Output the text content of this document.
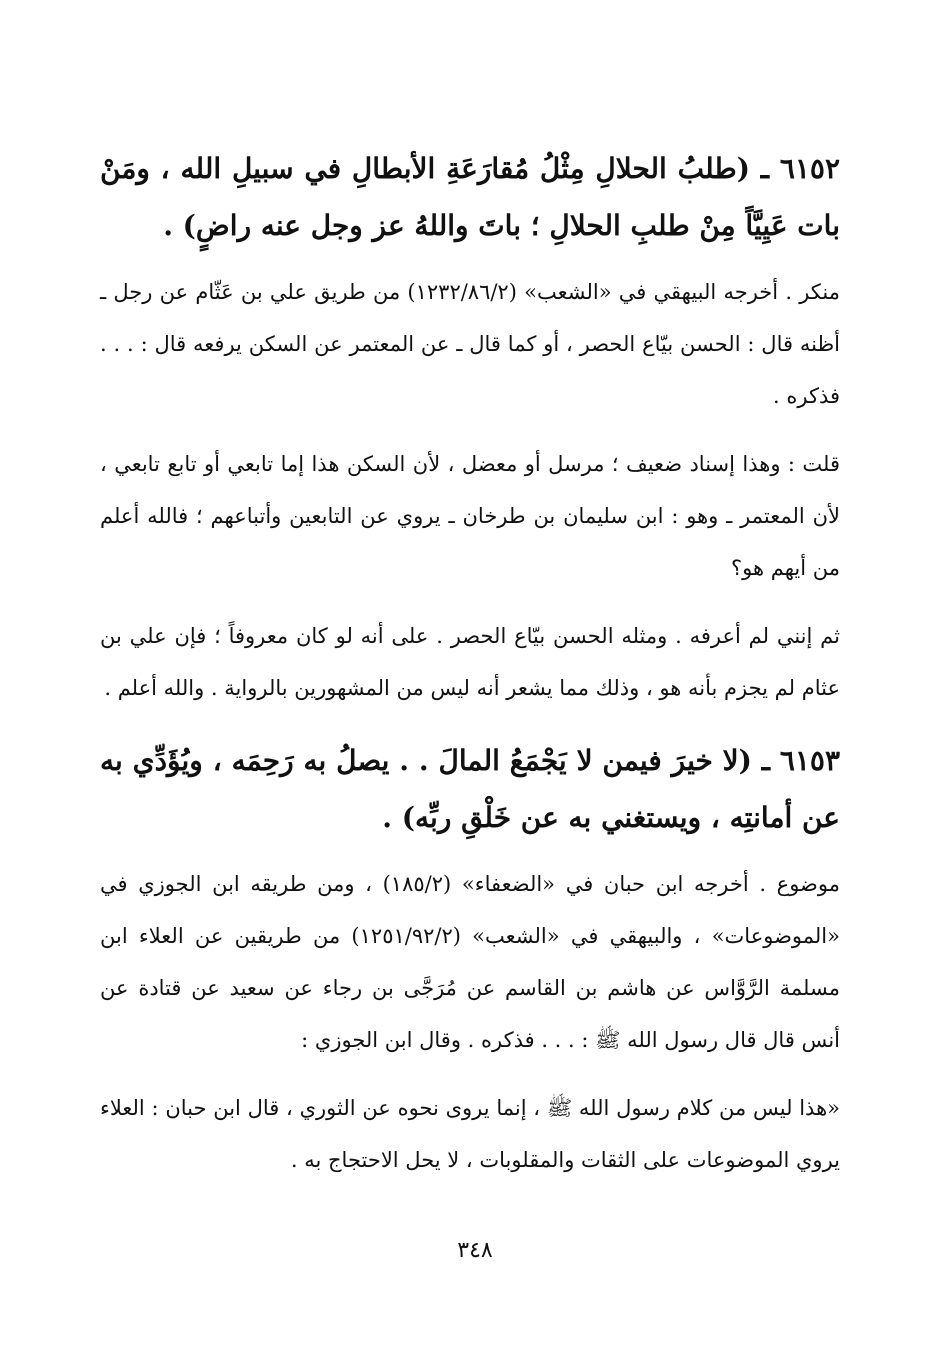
٦١٥٢ ـ (طلبُ الحلالِ مِثْلُ مُقارَعَةِ الأبطالِ في سبيلِ الله ، ومَنْ بات عَيِيَّاً مِنْ طلبِ الحلالِ ؛ باتَ واللهُ عز وجل عنه راضٍ) .

منكر . أخرجه البيهقي في «الشعب» (١٢٣٢/٨٦/٢) من طريق علي بن عَثّام عن رجل ـ أظنه قال : الحسن بيّاع الحصر ، أو كما قال ـ عن المعتمر عن السكن يرفعه قال : . . . فذكره .

قلت : وهذا إسناد ضعيف ؛ مرسل أو معضل ، لأن السكن هذا إما تابعي أو تابع تابعي ، لأن المعتمر ـ وهو : ابن سليمان بن طرخان ـ يروي عن التابعين وأتباعهم ؛ فالله أعلم من أيهم هو؟

ثم إنني لم أعرفه . ومثله الحسن بيّاع الحصر . على أنه لو كان معروفاً ؛ فإن علي بن عثام لم يجزم بأنه هو ، وذلك مما يشعر أنه ليس من المشهورين بالرواية . والله أعلم .

٦١٥٣ ـ (لا خيرَ فيمن لا يَجْمَعُ المالَ . . يصلُ به رَحِمَه ، ويُؤَدِّي به عن أمانتِه ، ويستغني به عن خَلْقِ ربِّه) .

موضوع . أخرجه ابن حبان في «الضعفاء» (١٨٥/٢) ، ومن طريقه ابن الجوزي في «الموضوعات» ، والبيهقي في «الشعب» (١٢٥١/٩٢/٢) من طريقين عن العلاء ابن مسلمة الرَّوَّاس عن هاشم بن القاسم عن مُرَجَّى بن رجاء عن سعيد عن قتادة عن أنس قال قال رسول الله ﷺ : . . . فذكره . وقال ابن الجوزي :

«هذا ليس من كلام رسول الله ﷺ ، إنما يروى نحوه عن الثوري ، قال ابن حبان : العلاء يروي الموضوعات على الثقات والمقلوبات ، لا يحل الاحتجاج به .

٣٤٨
